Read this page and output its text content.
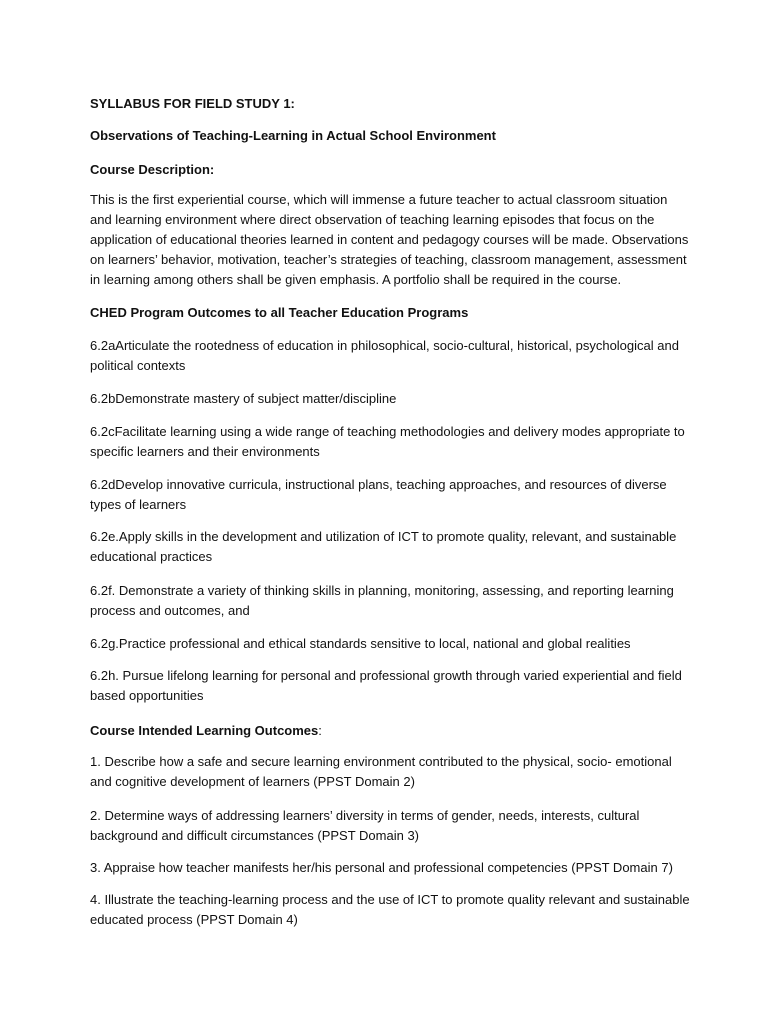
SYLLABUS FOR FIELD STUDY 1:

Observations of Teaching-Learning in Actual School Environment

Course Description:

This is the first experiential course, which will immense a future teacher to actual classroom situation and learning environment where direct observation of teaching learning episodes that focus on the application of educational theories learned in content and pedagogy courses will be made. Observations on learners’ behavior, motivation, teacher’s strategies of teaching, classroom management, assessment in learning among others shall be given emphasis. A portfolio shall be required in the course.

CHED Program Outcomes to all Teacher Education Programs

6.2aArticulate the rootedness of education in philosophical, socio-cultural, historical, psychological and political contexts

6.2bDemonstrate mastery of subject matter/discipline

6.2cFacilitate learning using a wide range of teaching methodologies and delivery modes appropriate to specific learners and their environments

6.2dDevelop innovative curricula, instructional plans, teaching approaches, and resources of diverse types of learners

6.2e.Apply skills in the development and utilization of ICT to promote quality, relevant, and sustainable educational practices

6.2f. Demonstrate a variety of thinking skills in planning, monitoring, assessing, and reporting learning process and outcomes, and

6.2g.Practice professional and ethical standards sensitive to local, national and global realities

6.2h. Pursue lifelong learning for personal and professional growth through varied experiential and field based opportunities

Course Intended Learning Outcomes:

1. Describe how a safe and secure learning environment contributed to the physical, socio- emotional and cognitive development of learners (PPST Domain 2)

2. Determine ways of addressing learners’ diversity in terms of gender, needs, interests, cultural background and difficult circumstances (PPST Domain 3)

3. Appraise how teacher manifests her/his personal and professional competencies (PPST Domain 7)

4. Illustrate the teaching-learning process and the use of ICT to promote quality relevant and sustainable educated process (PPST Domain 4)
